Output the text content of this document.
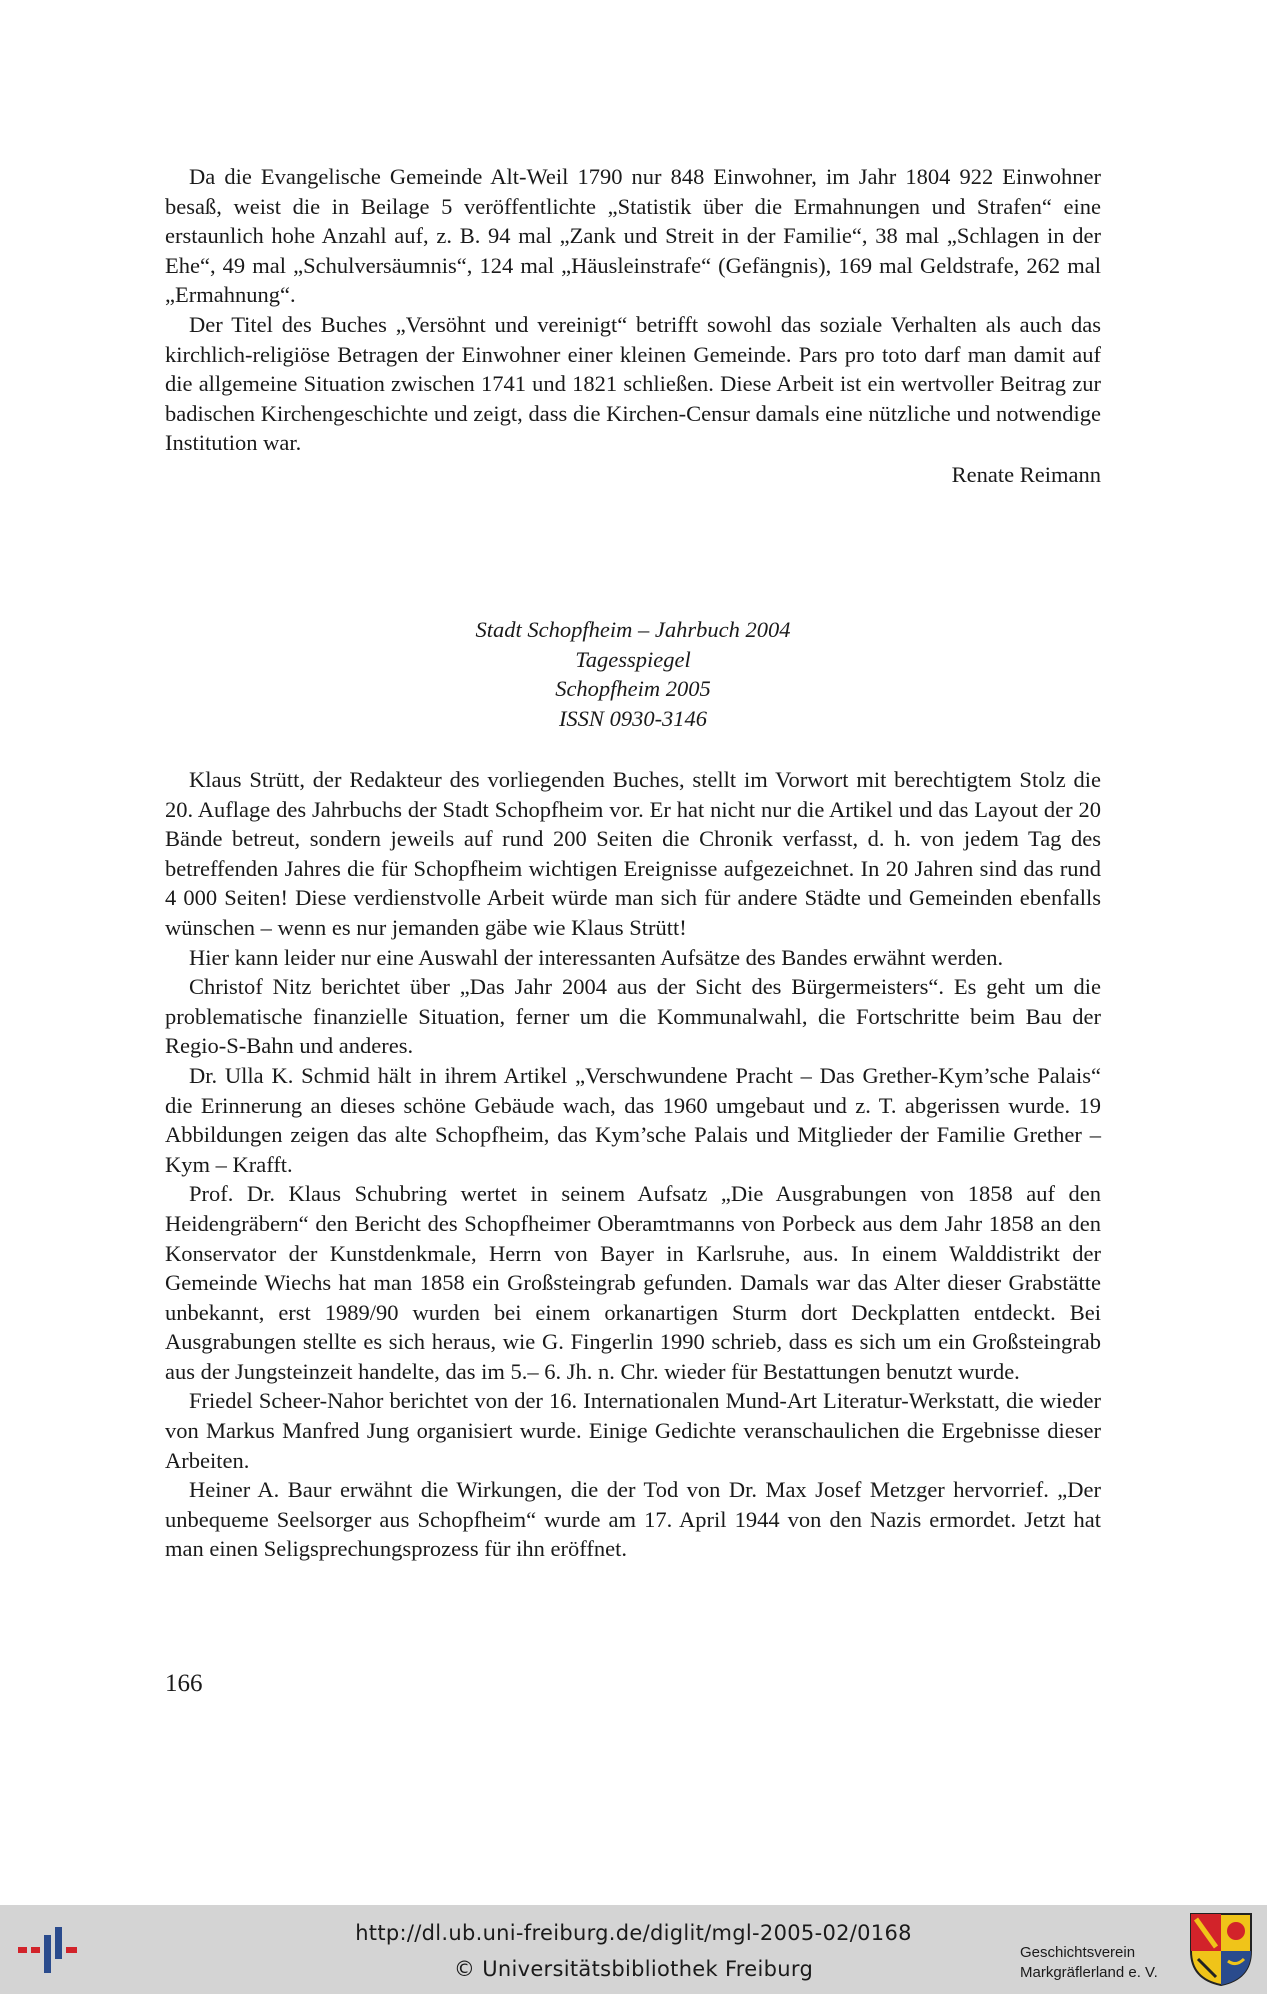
Da die Evangelische Gemeinde Alt-Weil 1790 nur 848 Einwohner, im Jahr 1804 922 Einwohner besaß, weist die in Beilage 5 veröffentlichte „Statistik über die Ermahnungen und Strafen“ eine erstaunlich hohe Anzahl auf, z. B. 94 mal „Zank und Streit in der Familie“, 38 mal „Schlagen in der Ehe“, 49 mal „Schulversäumnis“, 124 mal „Häusleinstrafe“ (Gefängnis), 169 mal Geldstrafe, 262 mal „Ermahnung“.

Der Titel des Buches „Versöhnt und vereinigt“ betrifft sowohl das soziale Verhalten als auch das kirchlich-religiöse Betragen der Einwohner einer kleinen Gemeinde. Pars pro toto darf man damit auf die allgemeine Situation zwischen 1741 und 1821 schließen. Diese Arbeit ist ein wertvoller Beitrag zur badischen Kirchengeschichte und zeigt, dass die Kirchen-Censur damals eine nützliche und notwendige Institution war.

Renate Reimann
Stadt Schopfheim – Jahrbuch 2004
Tagesspiegel
Schopfheim 2005
ISSN 0930-3146

Klaus Strütt, der Redakteur des vorliegenden Buches, stellt im Vorwort mit berechtigtem Stolz die 20. Auflage des Jahrbuchs der Stadt Schopfheim vor. Er hat nicht nur die Artikel und das Layout der 20 Bände betreut, sondern jeweils auf rund 200 Seiten die Chronik verfasst, d. h. von jedem Tag des betreffenden Jahres die für Schopfheim wichtigen Ereignisse aufgezeichnet. In 20 Jahren sind das rund 4 000 Seiten! Diese verdienstvolle Arbeit würde man sich für andere Städte und Gemeinden ebenfalls wünschen – wenn es nur jemanden gäbe wie Klaus Strütt!

Hier kann leider nur eine Auswahl der interessanten Aufsätze des Bandes erwähnt werden.

Christof Nitz berichtet über „Das Jahr 2004 aus der Sicht des Bürgermeisters“. Es geht um die problematische finanzielle Situation, ferner um die Kommunalwahl, die Fortschritte beim Bau der Regio-S-Bahn und anderes.

Dr. Ulla K. Schmid hält in ihrem Artikel „Verschwundene Pracht – Das Grether-Kym’sche Palais“ die Erinnerung an dieses schöne Gebäude wach, das 1960 umgebaut und z. T. abgerissen wurde. 19 Abbildungen zeigen das alte Schopfheim, das Kym’sche Palais und Mitglieder der Familie Grether – Kym – Krafft.

Prof. Dr. Klaus Schubring wertet in seinem Aufsatz „Die Ausgrabungen von 1858 auf den Heidengräbern“ den Bericht des Schopfheimer Oberamtmanns von Porbeck aus dem Jahr 1858 an den Konservator der Kunstdenkmale, Herrn von Bayer in Karlsruhe, aus. In einem Walddistrikt der Gemeinde Wiechs hat man 1858 ein Großsteingrab gefunden. Damals war das Alter dieser Grabstätte unbekannt, erst 1989/90 wurden bei einem orkanartigen Sturm dort Deckplatten entdeckt. Bei Ausgrabungen stellte es sich heraus, wie G. Fingerlin 1990 schrieb, dass es sich um ein Großsteingrab aus der Jungsteinzeit handelte, das im 5.– 6. Jh. n. Chr. wieder für Bestattungen benutzt wurde.

Friedel Scheer-Nahor berichtet von der 16. Internationalen Mund-Art Literatur-Werkstatt, die wieder von Markus Manfred Jung organisiert wurde. Einige Gedichte veranschaulichen die Ergebnisse dieser Arbeiten.

Heiner A. Baur erwähnt die Wirkungen, die der Tod von Dr. Max Josef Metzger hervorrief. „Der unbequeme Seelsorger aus Schopfheim“ wurde am 17. April 1944 von den Nazis ermordet. Jetzt hat man einen Seligsprechungsprozess für ihn eröffnet.

166
http://dl.ub.uni-freiburg.de/diglit/mgl-2005-02/0168
© Universitätsbibliothek Freiburg
Geschichtsverein
Markgräflerland e. V.
